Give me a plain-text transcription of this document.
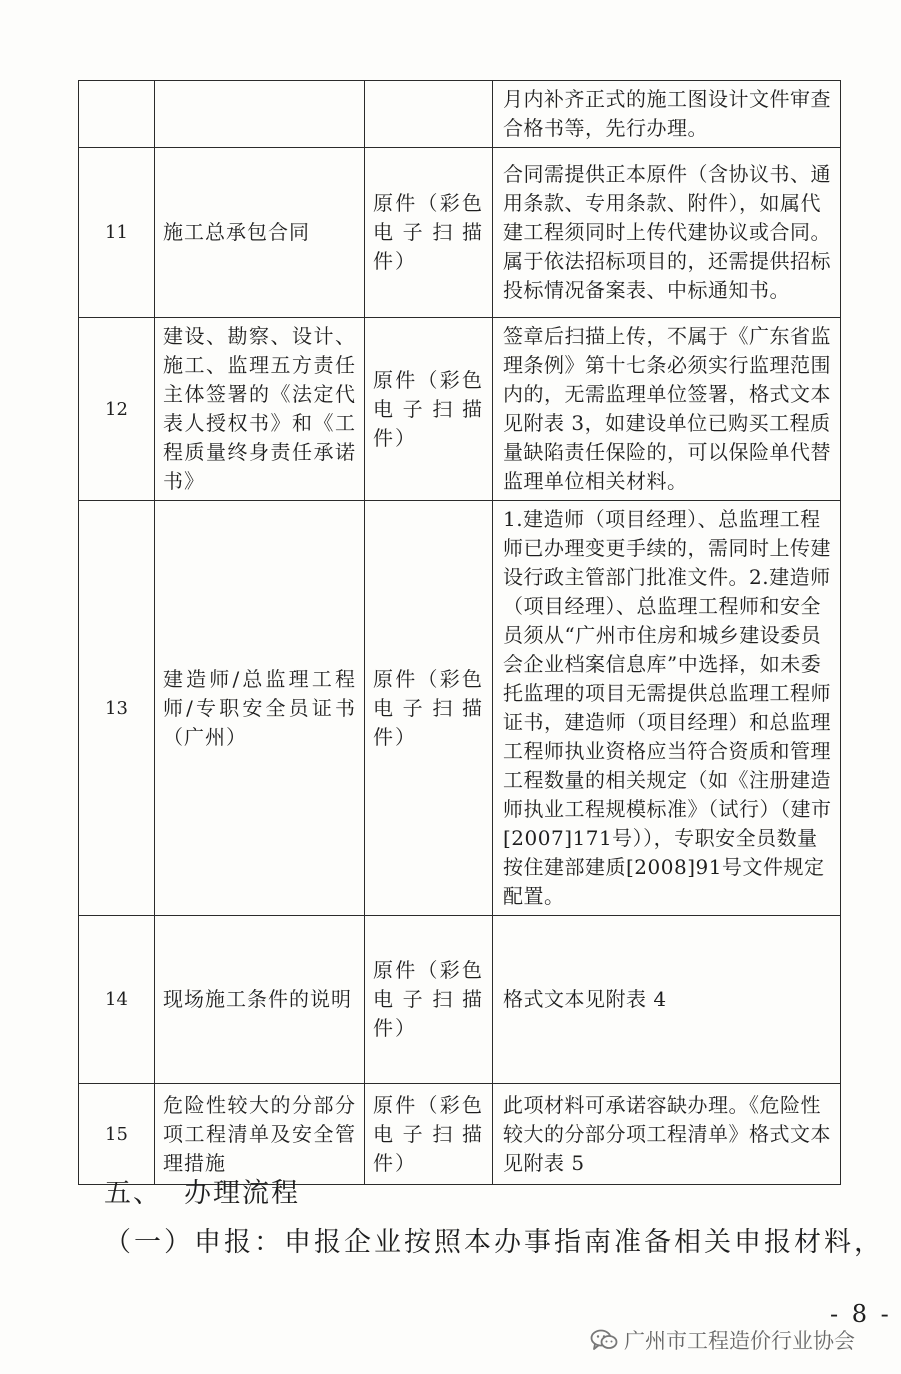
			月内补齐正式的施工图设计文件审查合格书等，先行办理。
11	施工总承包合同	原件（彩色电子扫描件）	合同需提供正本原件（含协议书、通用条款、专用条款、附件），如属代建工程须同时上传代建协议或合同。属于依法招标项目的，还需提供招标投标情况备案表、中标通知书。
12	建设、勘察、设计、施工、监理五方责任主体签署的《法定代表人授权书》和《工程质量终身责任承诺书》	原件（彩色电子扫描件）	签章后扫描上传，不属于《广东省监理条例》第十七条必须实行监理范围内的，无需监理单位签署，格式文本见附表 3，如建设单位已购买工程质量缺陷责任保险的，可以保险单代替监理单位相关材料。
13	建造师/总监理工程师/专职安全员证书（广州）	原件（彩色电子扫描件）	1.建造师（项目经理）、总监理工程师已办理变更手续的，需同时上传建设行政主管部门批准文件。2.建造师（项目经理）、总监理工程师和安全员须从“广州市住房和城乡建设委员会企业档案信息库”中选择，如未委托监理的项目无需提供总监理工程师证书，建造师（项目经理）和总监理工程师执业资格应当符合资质和管理工程数量的相关规定（如《注册建造师执业工程规模标准》（试行）（建市[2007]171号）），专职安全员数量按住建部建质[2008]91号文件规定配置。
14	现场施工条件的说明	原件（彩色电子扫描件）	格式文本见附表 4
15	危险性较大的分部分项工程清单及安全管理措施	原件（彩色电子扫描件）	此项材料可承诺容缺办理。《危险性较大的分部分项工程清单》格式文本见附表 5
五、 办理流程
（一）申报：申报企业按照本办事指南准备相关申报材料，
- 8 -
广州市工程造价行业协会
